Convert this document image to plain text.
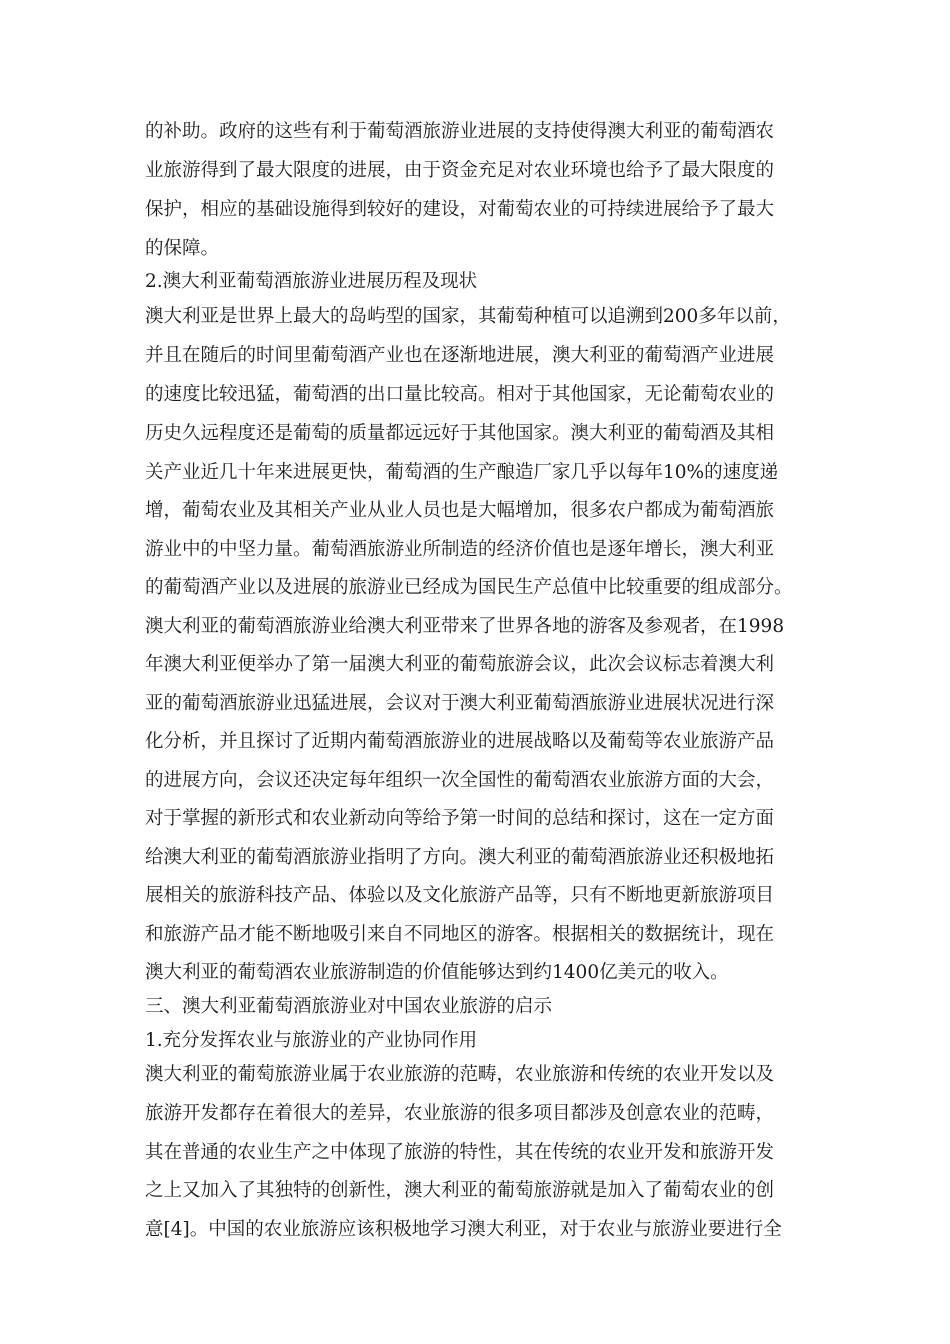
的补助。政府的这些有利于葡萄酒旅游业进展的支持使得澳大利亚的葡萄酒农
业旅游得到了最大限度的进展，由于资金充足对农业环境也给予了最大限度的
保护，相应的基础设施得到较好的建设，对葡萄农业的可持续进展给予了最大
的保障。
2.澳大利亚葡萄酒旅游业进展历程及现状
澳大利亚是世界上最大的岛屿型的国家，其葡萄种植可以追溯到200多年以前，
并且在随后的时间里葡萄酒产业也在逐渐地进展，澳大利亚的葡萄酒产业进展
的速度比较迅猛，葡萄酒的出口量比较高。相对于其他国家，无论葡萄农业的
历史久远程度还是葡萄的质量都远远好于其他国家。澳大利亚的葡萄酒及其相
关产业近几十年来进展更快，葡萄酒的生产酿造厂家几乎以每年10%的速度递
增，葡萄农业及其相关产业从业人员也是大幅增加，很多农户都成为葡萄酒旅
游业中的中坚力量。葡萄酒旅游业所制造的经济价值也是逐年增长，澳大利亚
的葡萄酒产业以及进展的旅游业已经成为国民生产总值中比较重要的组成部分。
澳大利亚的葡萄酒旅游业给澳大利亚带来了世界各地的游客及参观者，在1998
年澳大利亚便举办了第一届澳大利亚的葡萄旅游会议，此次会议标志着澳大利
亚的葡萄酒旅游业迅猛进展，会议对于澳大利亚葡萄酒旅游业进展状况进行深
化分析，并且探讨了近期内葡萄酒旅游业的进展战略以及葡萄等农业旅游产品
的进展方向，会议还决定每年组织一次全国性的葡萄酒农业旅游方面的大会，
对于掌握的新形式和农业新动向等给予第一时间的总结和探讨，这在一定方面
给澳大利亚的葡萄酒旅游业指明了方向。澳大利亚的葡萄酒旅游业还积极地拓
展相关的旅游科技产品、体验以及文化旅游产品等，只有不断地更新旅游项目
和旅游产品才能不断地吸引来自不同地区的游客。根据相关的数据统计，现在
澳大利亚的葡萄酒农业旅游制造的价值能够达到约1400亿美元的收入。
三、澳大利亚葡萄酒旅游业对中国农业旅游的启示
1.充分发挥农业与旅游业的产业协同作用
澳大利亚的葡萄旅游业属于农业旅游的范畴，农业旅游和传统的农业开发以及
旅游开发都存在着很大的差异，农业旅游的很多项目都涉及创意农业的范畴，
其在普通的农业生产之中体现了旅游的特性，其在传统的农业开发和旅游开发
之上又加入了其独特的创新性，澳大利亚的葡萄旅游就是加入了葡萄农业的创
意[4]。中国的农业旅游应该积极地学习澳大利亚，对于农业与旅游业要进行全
